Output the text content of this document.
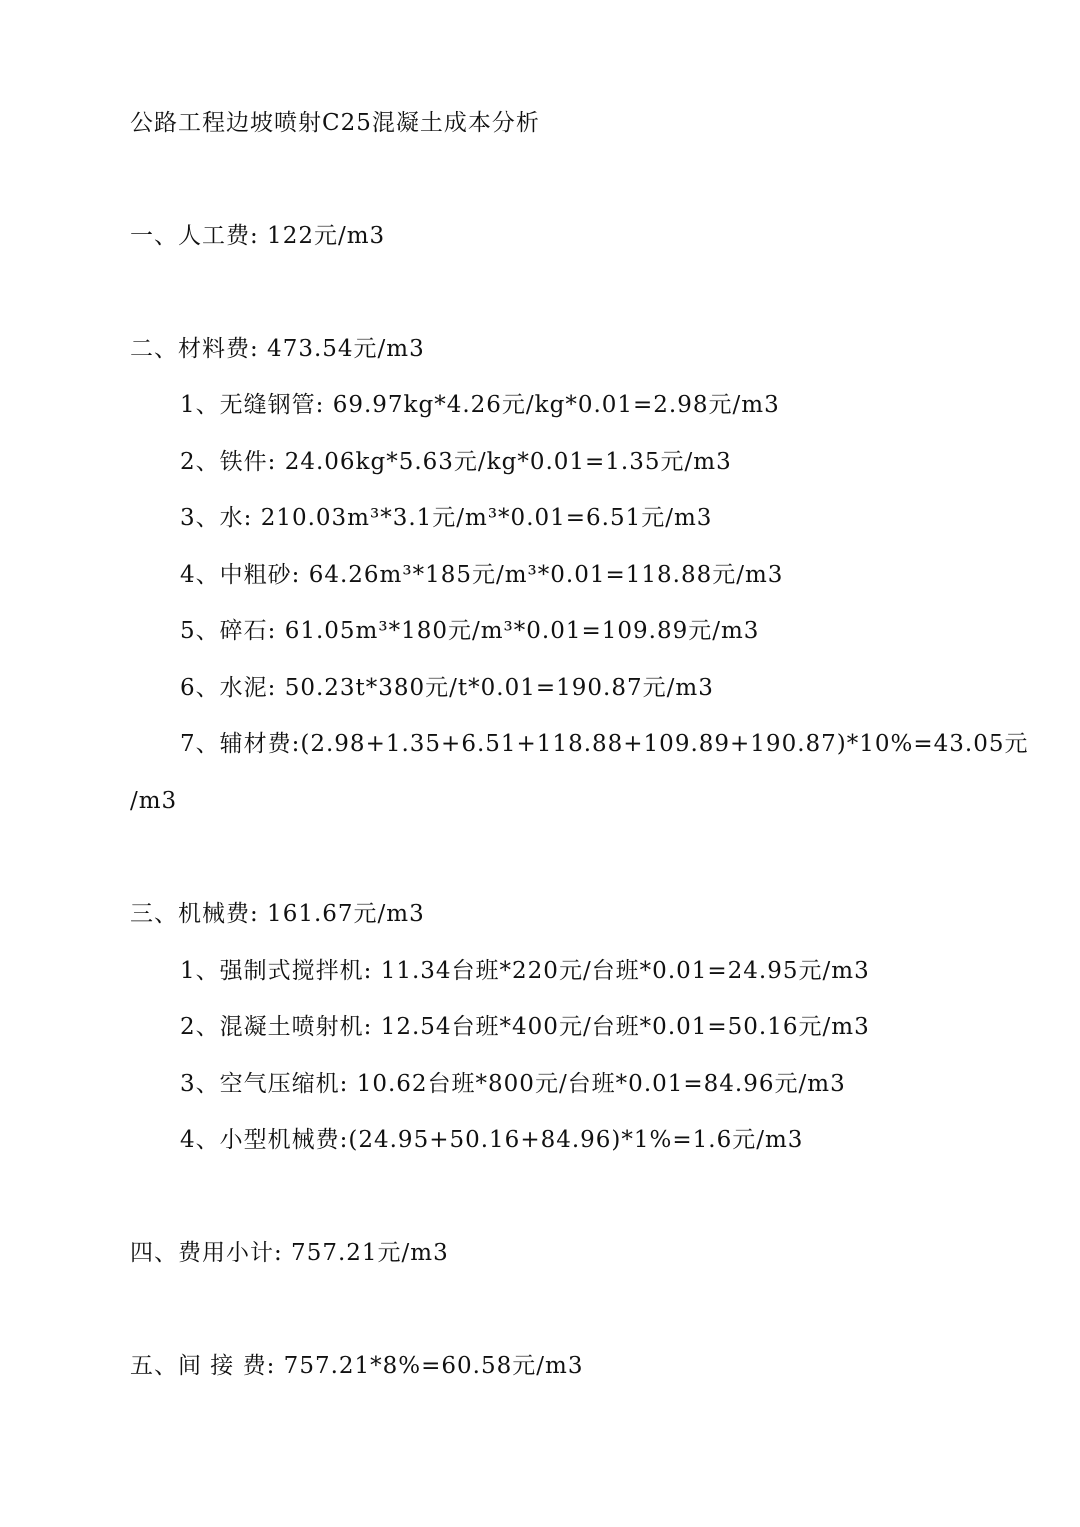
公路工程边坡喷射C25混凝土成本分析
一、人工费: 122元/m3
二、材料费: 473.54元/m3
1、无缝钢管: 69.97kg*4.26元/kg*0.01=2.98元/m3
2、铁件: 24.06kg*5.63元/kg*0.01=1.35元/m3
3、水: 210.03m³*3.1元/m³*0.01=6.51元/m3
4、中粗砂: 64.26m³*185元/m³*0.01=118.88元/m3
5、碎石: 61.05m³*180元/m³*0.01=109.89元/m3
6、水泥: 50.23t*380元/t*0.01=190.87元/m3
7、辅材费:(2.98+1.35+6.51+118.88+109.89+190.87)*10%=43.05元
/m3
三、机械费: 161.67元/m3
1、强制式搅拌机: 11.34台班*220元/台班*0.01=24.95元/m3
2、混凝土喷射机: 12.54台班*400元/台班*0.01=50.16元/m3
3、空气压缩机: 10.62台班*800元/台班*0.01=84.96元/m3
4、小型机械费:(24.95+50.16+84.96)*1%=1.6元/m3
四、费用小计: 757.21元/m3
五、间 接 费: 757.21*8%=60.58元/m3
